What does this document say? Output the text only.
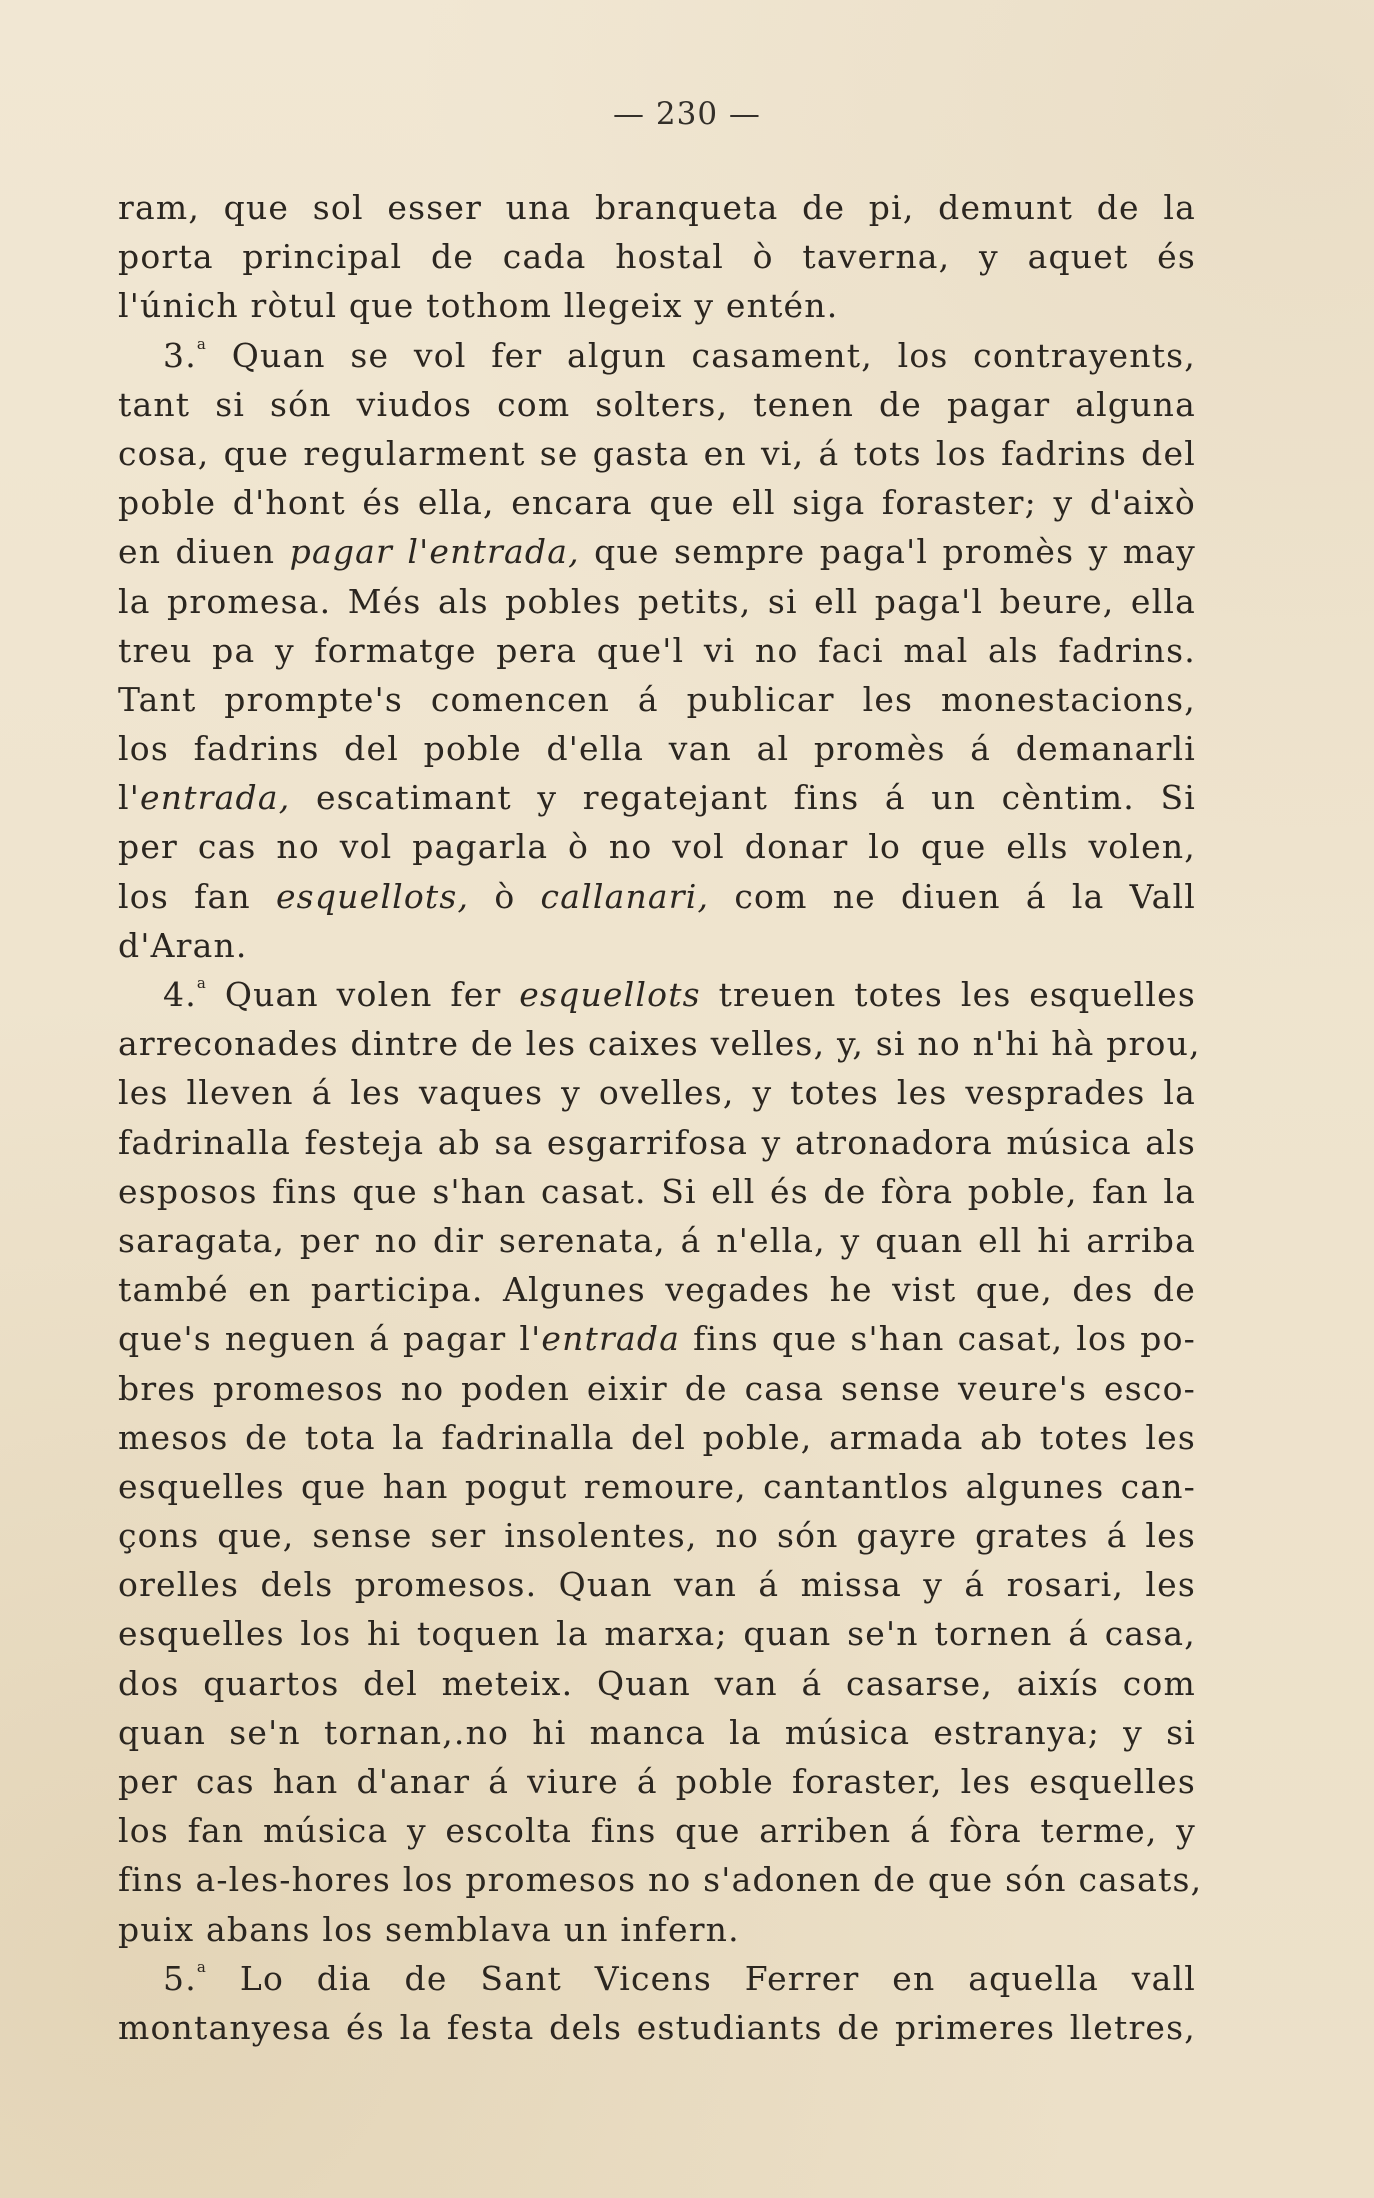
— 230 —
ram, que sol esser una branqueta de pi, demunt de la
porta principal de cada hostal ò taverna, y aquet és
l'únich ròtul que tothom llegeix y entén.
3.$^a$ Quan se vol fer algun casament, los contrayents,
tant si són viudos com solters, tenen de pagar alguna
cosa, que regularment se gasta en vi, á tots los fadrins del
poble d'hont és ella, encara que ell siga foraster; y d'això
en diuen pagar l'entrada, que sempre paga'l promès y may
la promesa. Més als pobles petits, si ell paga'l beure, ella
treu pa y formatge pera que'l vi no faci mal als fadrins.
Tant prompte's comencen á publicar les monestacions,
los fadrins del poble d'ella van al promès á demanarli
l'entrada, escatimant y regatejant fins á un cèntim. Si
per cas no vol pagarla ò no vol donar lo que ells volen,
los fan esquellots, ò callanari, com ne diuen á la Vall
d'Aran.
4.$^a$ Quan volen fer esquellots treuen totes les esquelles
arreconades dintre de les caixes velles, y, si no n'hi hà prou,
les lleven á les vaques y ovelles, y totes les vesprades la
fadrinalla festeja ab sa esgarrifosa y atronadora música als
esposos fins que s'han casat. Si ell és de fòra poble, fan la
saragata, per no dir serenata, á n'ella, y quan ell hi arriba
també en participa. Algunes vegades he vist que, des de
que's neguen á pagar l'entrada fins que s'han casat, los po-
bres promesos no poden eixir de casa sense veure's esco-
mesos de tota la fadrinalla del poble, armada ab totes les
esquelles que han pogut remoure, cantantlos algunes can-
çons que, sense ser insolentes, no són gayre grates á les
orelles dels promesos. Quan van á missa y á rosari, les
esquelles los hi toquen la marxa; quan se'n tornen á casa,
dos quartos del meteix. Quan van á casarse, aixís com
quan se'n tornan,.no hi manca la música estranya; y si
per cas han d'anar á viure á poble foraster, les esquelles
los fan música y escolta fins que arriben á fòra terme, y
fins a-les-hores los promesos no s'adonen de que són casats,
puix abans los semblava un infern.
5.$^a$ Lo dia de Sant Vicens Ferrer en aquella vall
montanyesa és la festa dels estudiants de primeres lletres,
